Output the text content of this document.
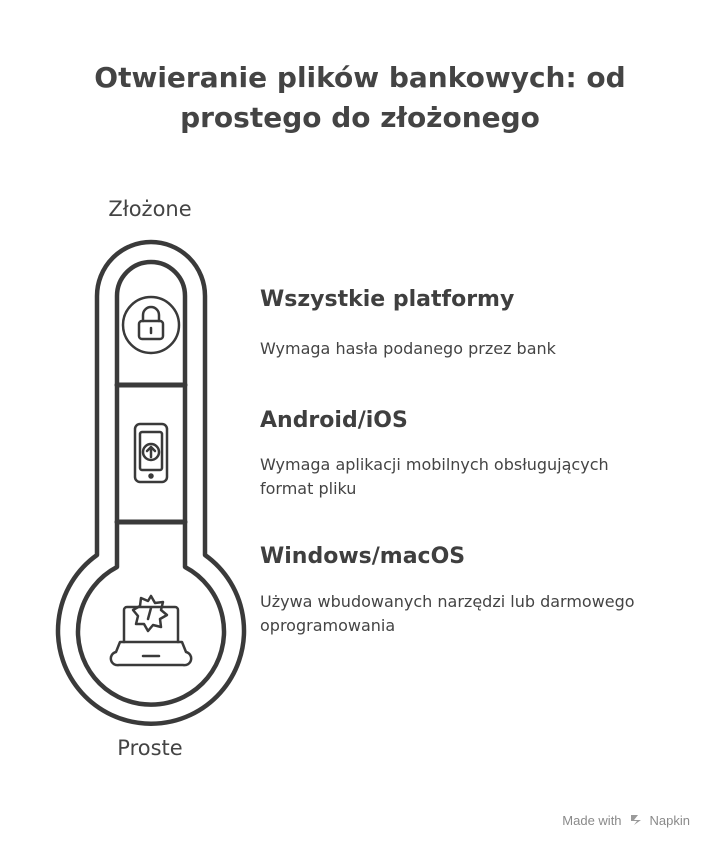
Otwieranie plików bankowych: od prostego do złożonego
Złożone
Proste
Wszystkie platformy
Wymaga hasła podanego przez bank
Android/iOS
Wymaga aplikacji mobilnych obsługujących format pliku
Windows/macOS
Używa wbudowanych narzędzi lub darmowego oprogramowania
Made with Napkin
